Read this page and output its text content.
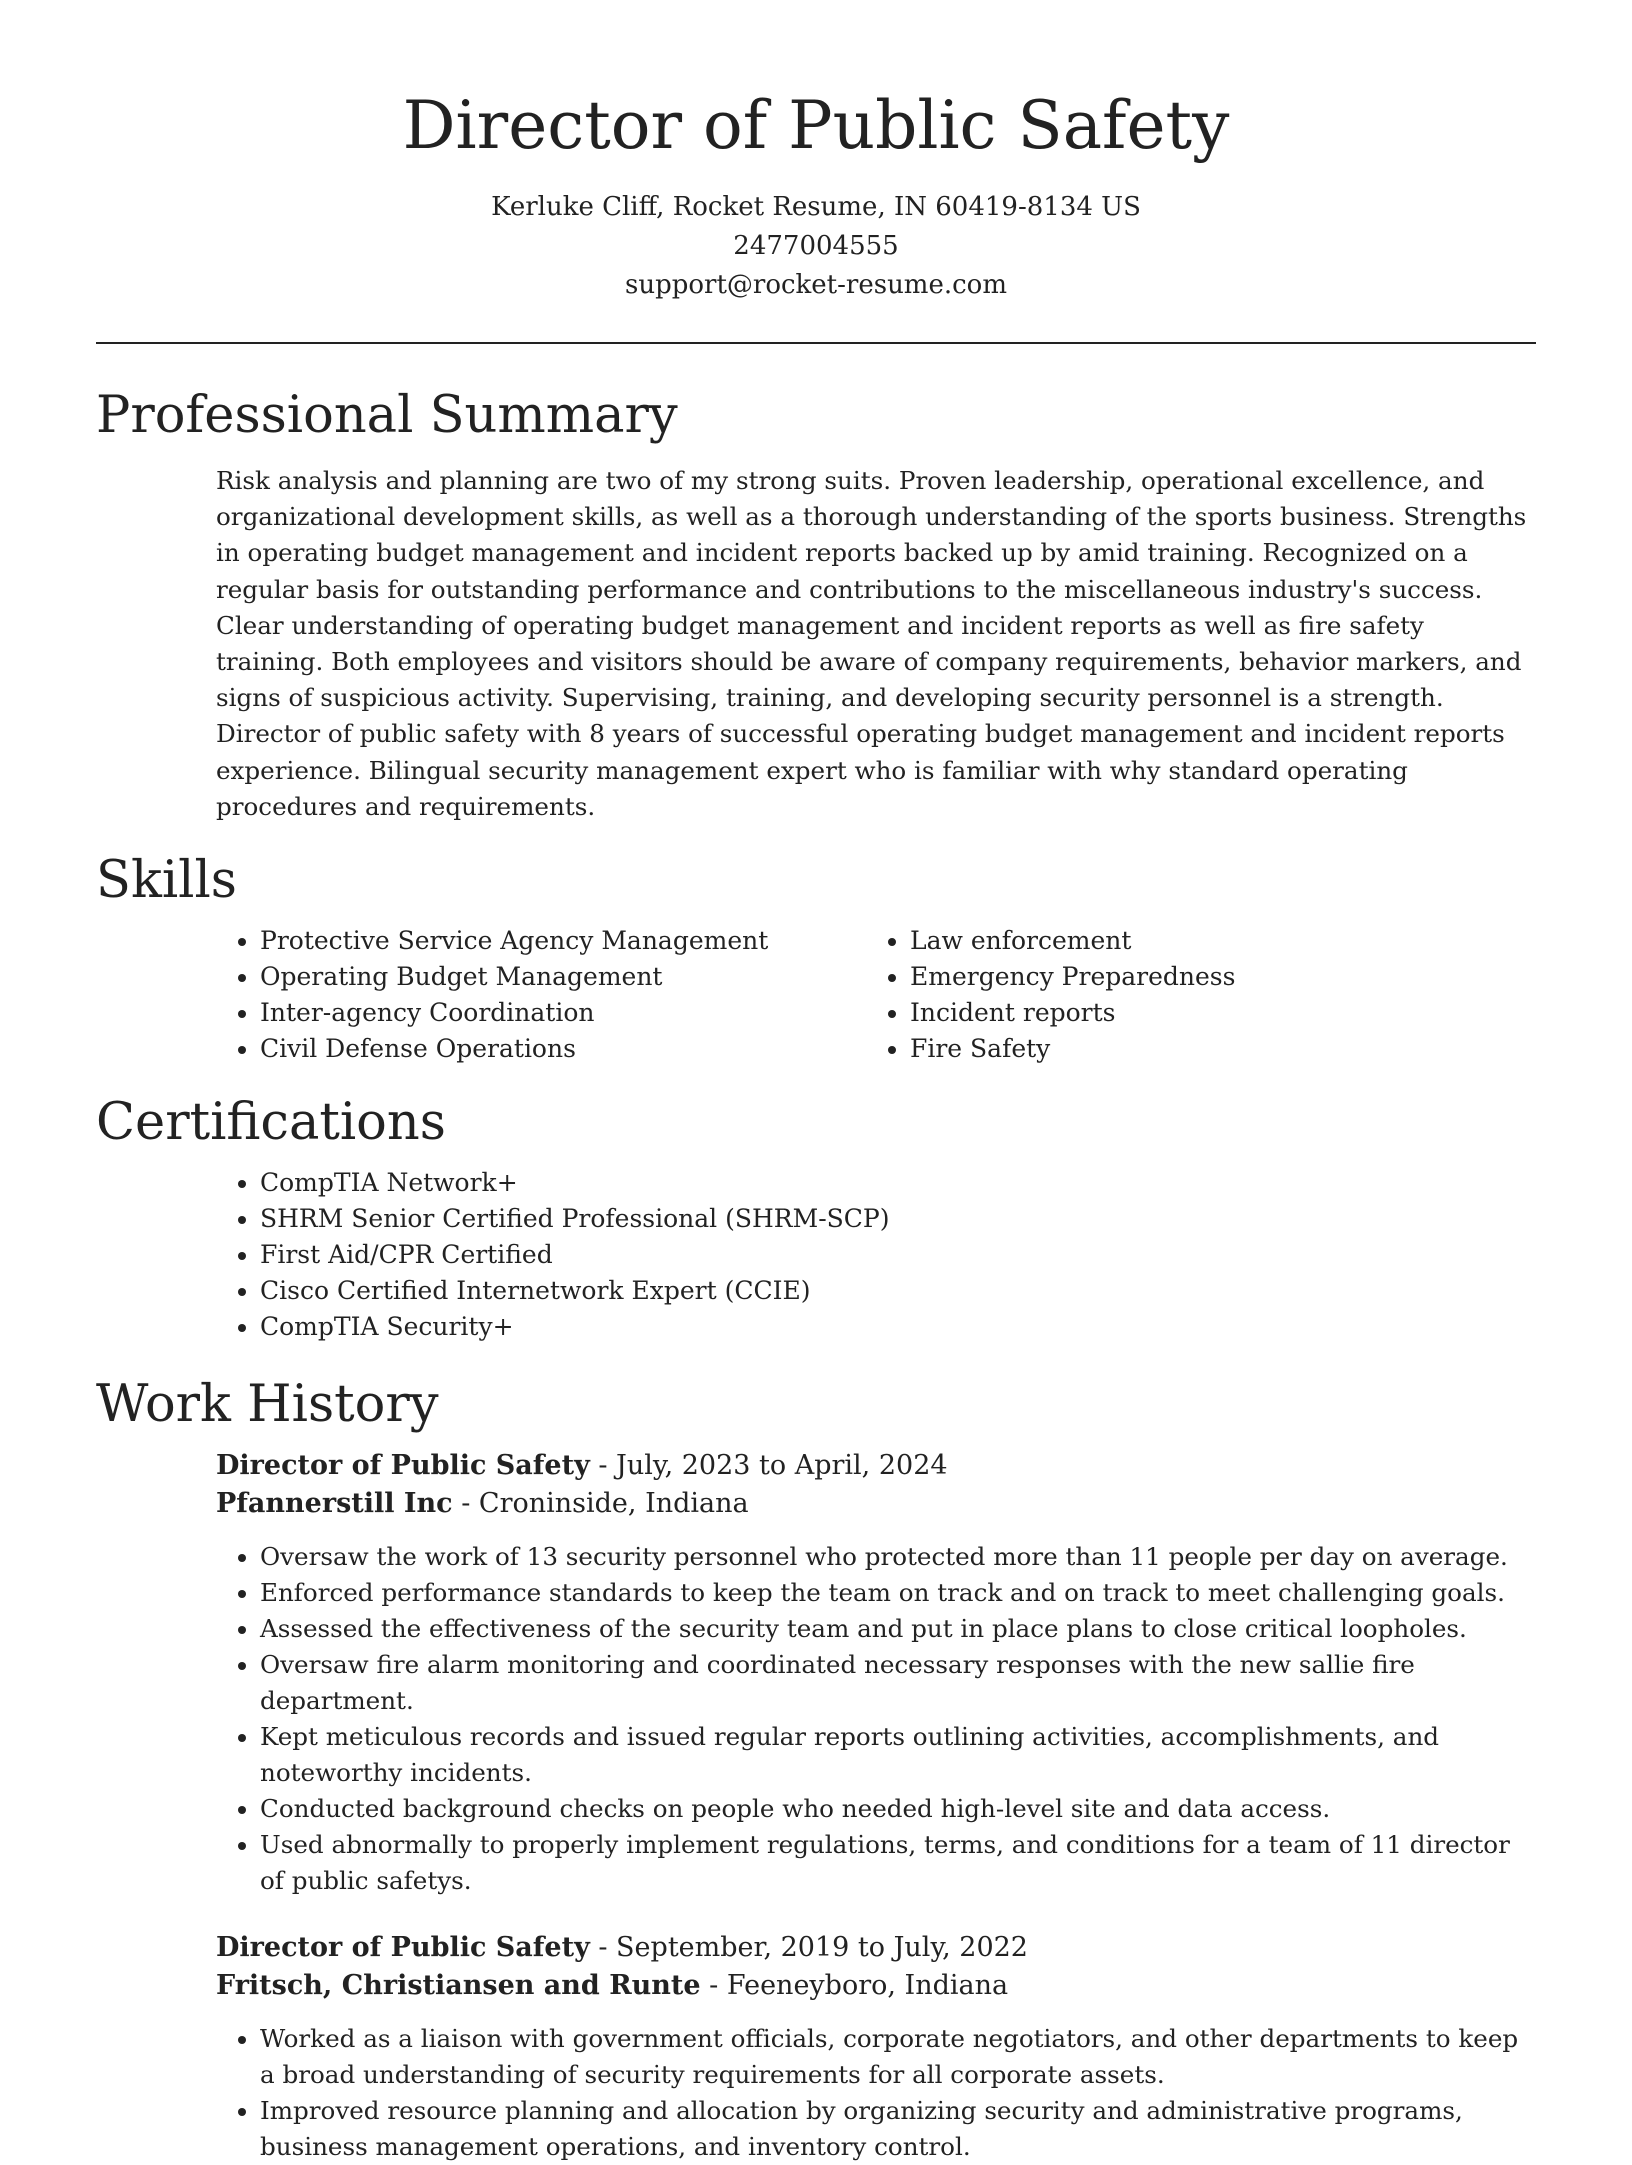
Director of Public Safety

Kerluke Cliff, Rocket Resume, IN 60419-8134 US

2477004555

support@rocket-resume.com

Professional Summary

Risk analysis and planning are two of my strong suits. Proven leadership, operational excellence, and organizational development skills, as well as a thorough understanding of the sports business. Strengths in operating budget management and incident reports backed up by amid training. Recognized on a regular basis for outstanding performance and contributions to the miscellaneous industry's success. Clear understanding of operating budget management and incident reports as well as fire safety training. Both employees and visitors should be aware of company requirements, behavior markers, and signs of suspicious activity. Supervising, training, and developing security personnel is a strength. Director of public safety with 8 years of successful operating budget management and incident reports experience. Bilingual security management expert who is familiar with why standard operating procedures and requirements.

Skills
• Protective Service Agency Management
• Operating Budget Management
• Inter-agency Coordination
• Civil Defense Operations
• Law enforcement
• Emergency Preparedness
• Incident reports
• Fire Safety
Certifications
• CompTIA Network+
• SHRM Senior Certified Professional (SHRM-SCP)
• First Aid/CPR Certified
• Cisco Certified Internetwork Expert (CCIE)
• CompTIA Security+
Work History

Director of Public Safety - July, 2023 to April, 2024

Pfannerstill Inc - Croninside, Indiana

• Oversaw the work of 13 security personnel who protected more than 11 people per day on average.
• Enforced performance standards to keep the team on track and on track to meet challenging goals.
• Assessed the effectiveness of the security team and put in place plans to close critical loopholes.
• Oversaw fire alarm monitoring and coordinated necessary responses with the new sallie fire department.
• Kept meticulous records and issued regular reports outlining activities, accomplishments, and noteworthy incidents.
• Conducted background checks on people who needed high-level site and data access.
• Used abnormally to properly implement regulations, terms, and conditions for a team of 11 director of public safetys.

Director of Public Safety - September, 2019 to July, 2022

Fritsch, Christiansen and Runte - Feeneyboro, Indiana

• Worked as a liaison with government officials, corporate negotiators, and other departments to keep a broad understanding of security requirements for all corporate assets.
• Improved resource planning and allocation by organizing security and administrative programs, business management operations, and inventory control.
